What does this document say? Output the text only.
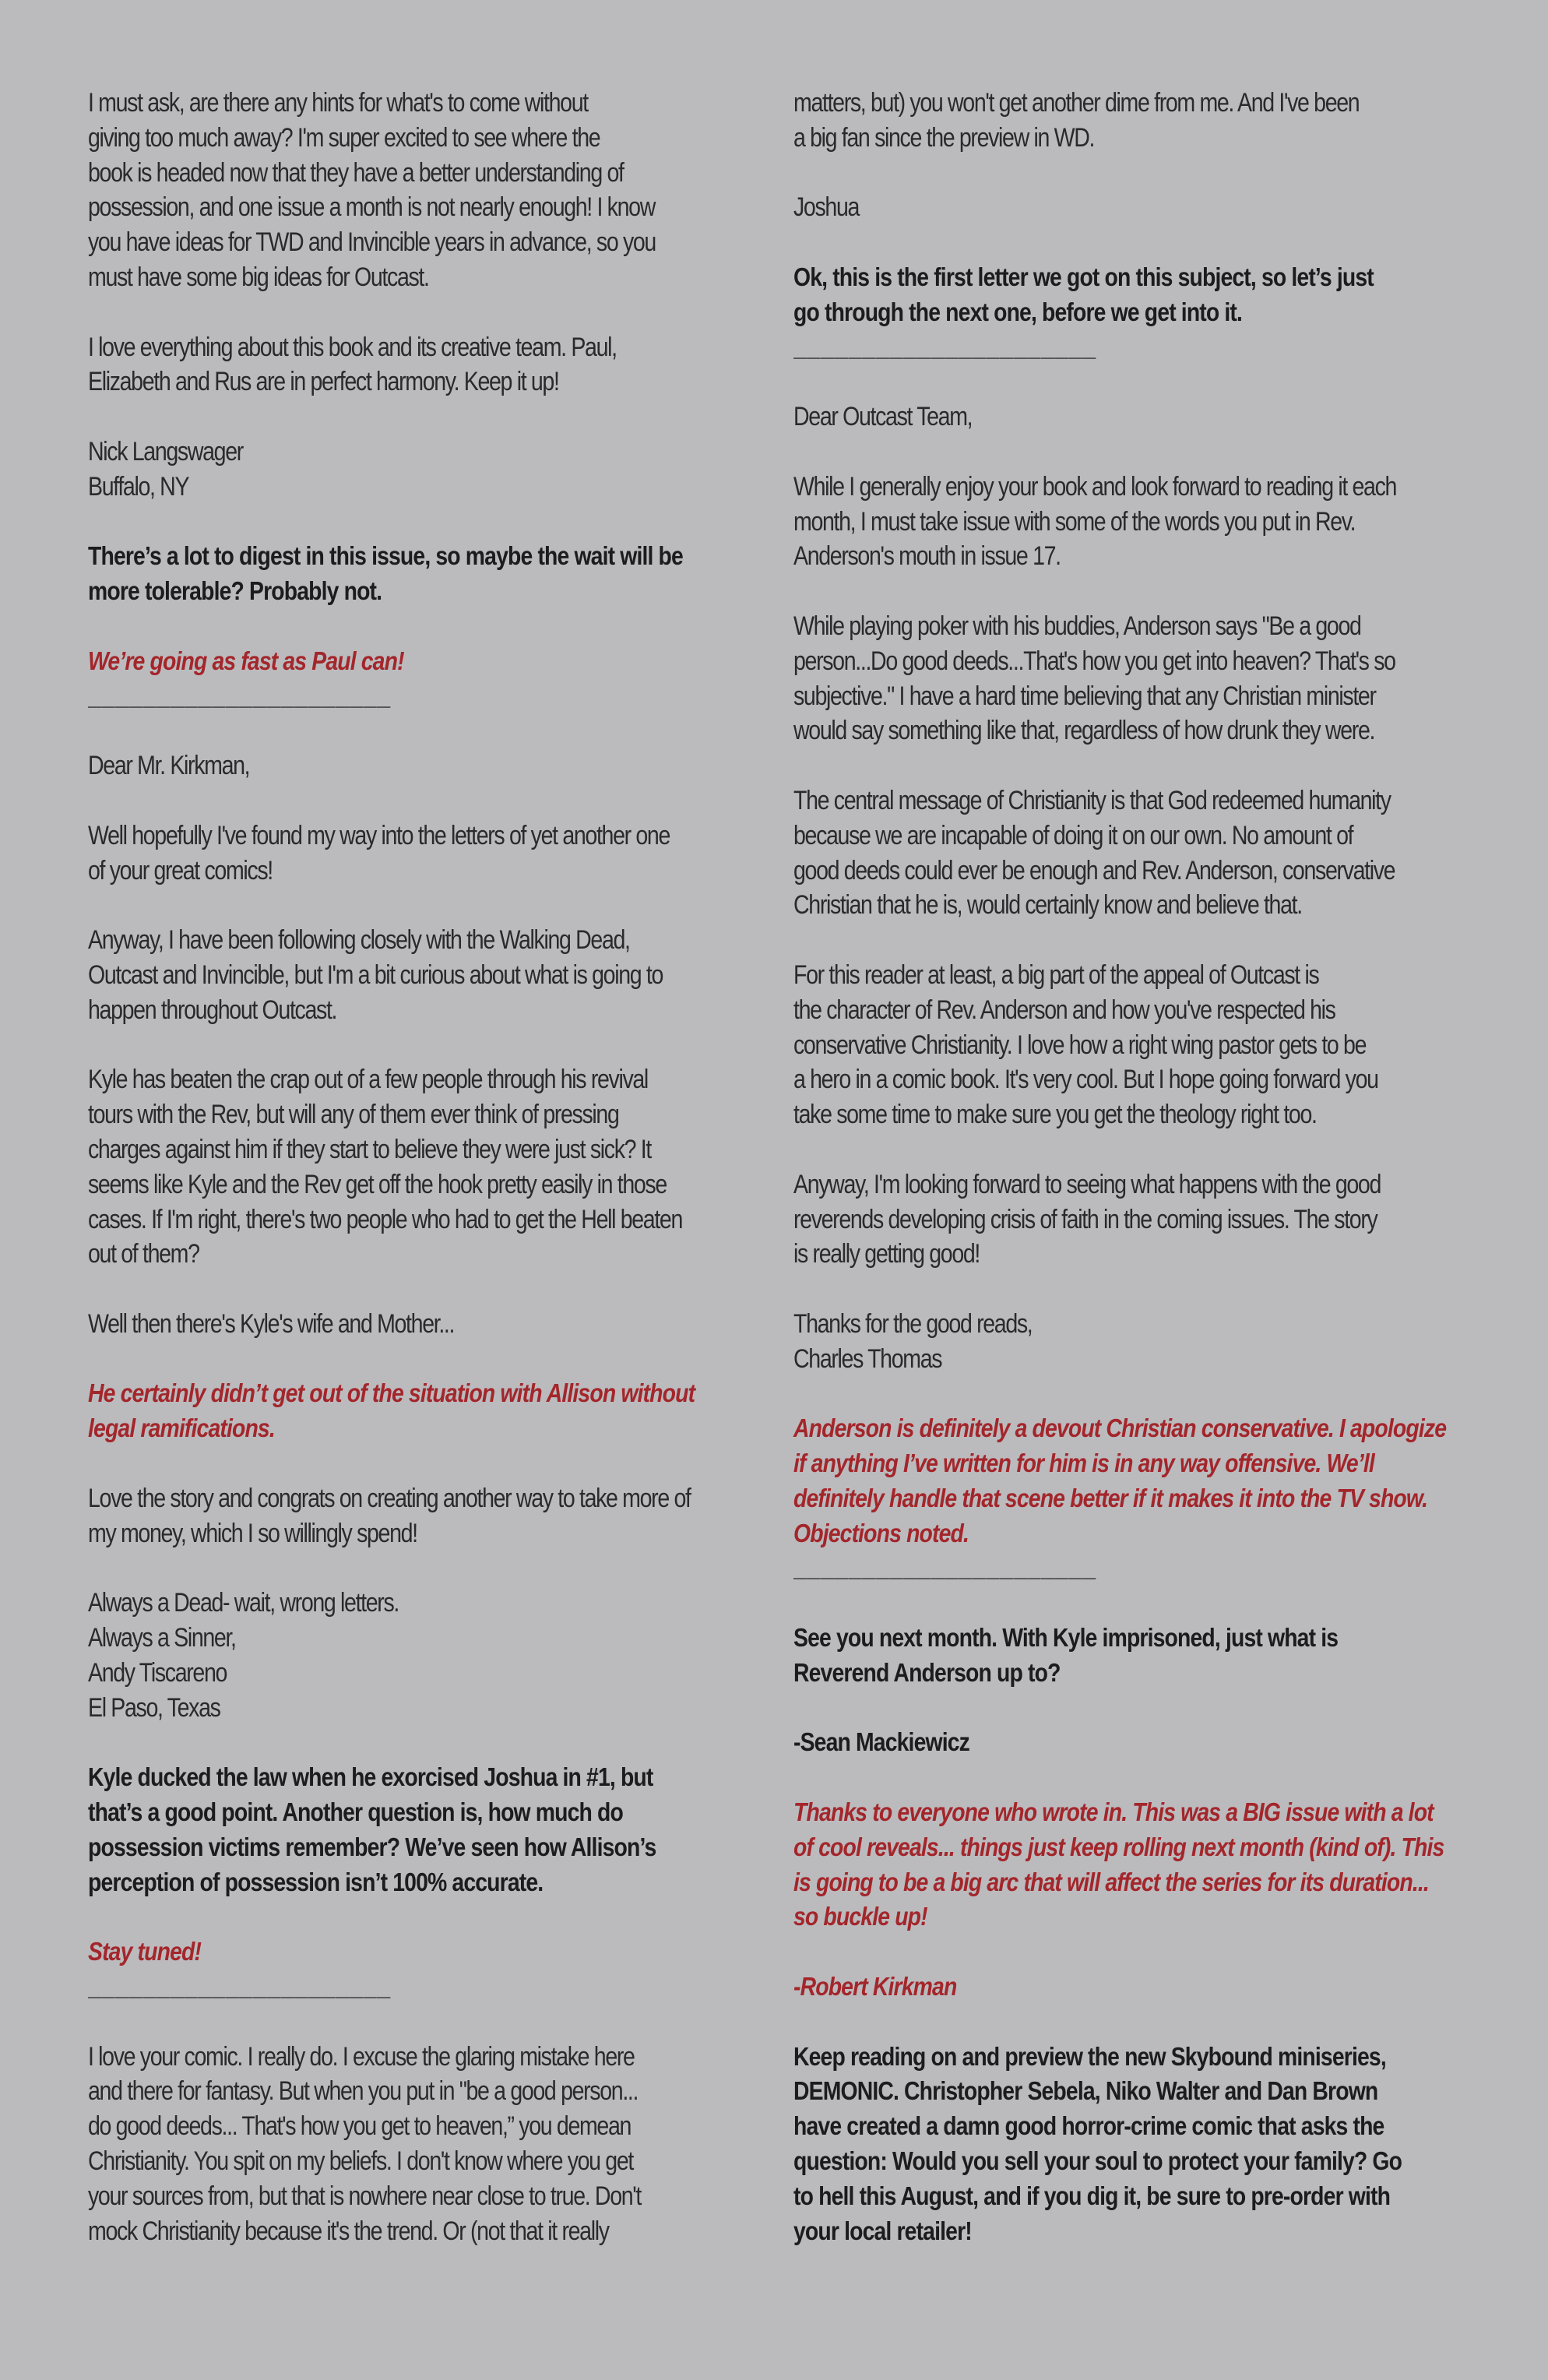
I must ask, are there any hints for what's to come without
giving too much away? I'm super excited to see where the
book is headed now that they have a better understanding of
possession, and one issue a month is not nearly enough! I know
you have ideas for TWD and Invincible years in advance, so you
must have some big ideas for Outcast.
I love everything about this book and its creative team. Paul,
Elizabeth and Rus are in perfect harmony. Keep it up!
Nick Langswager
Buffalo, NY
There’s a lot to digest in this issue, so maybe the wait will be
more tolerable? Probably not.
We’re going as fast as Paul can!
______________________
Dear Mr. Kirkman,
Well hopefully I've found my way into the letters of yet another one
of your great comics!
Anyway, I have been following closely with the Walking Dead,
Outcast and Invincible, but I'm a bit curious about what is going to
happen throughout Outcast.
Kyle has beaten the crap out of a few people through his revival
tours with the Rev, but will any of them ever think of pressing
charges against him if they start to believe they were just sick? It
seems like Kyle and the Rev get off the hook pretty easily in those
cases. If I'm right, there's two people who had to get the Hell beaten
out of them?
Well then there's Kyle's wife and Mother...
He certainly didn’t get out of the situation with Allison without
legal ramifications.
Love the story and congrats on creating another way to take more of
my money, which I so willingly spend!
Always a Dead- wait, wrong letters.
Always a Sinner,
Andy Tiscareno
El Paso, Texas
Kyle ducked the law when he exorcised Joshua in #1, but
that’s a good point. Another question is, how much do
possession victims remember? We’ve seen how Allison’s
perception of possession isn’t 100% accurate.
Stay tuned!
______________________
I love your comic. I really do. I excuse the glaring mistake here
and there for fantasy. But when you put in "be a good person...
do good deeds... That's how you get to heaven,” you demean
Christianity. You spit on my beliefs. I don't know where you get
your sources from, but that is nowhere near close to true. Don't
mock Christianity because it's the trend. Or (not that it really
matters, but) you won't get another dime from me. And I've been
a big fan since the preview in WD.
Joshua
Ok, this is the first letter we got on this subject, so let’s just
go through the next one, before we get into it.
______________________
Dear Outcast Team,
While I generally enjoy your book and look forward to reading it each
month, I must take issue with some of the words you put in Rev.
Anderson's mouth in issue 17.
While playing poker with his buddies, Anderson says "Be a good
person...Do good deeds...That's how you get into heaven? That's so
subjective." I have a hard time believing that any Christian minister
would say something like that, regardless of how drunk they were.
The central message of Christianity is that God redeemed humanity
because we are incapable of doing it on our own. No amount of
good deeds could ever be enough and Rev. Anderson, conservative
Christian that he is, would certainly know and believe that.
For this reader at least, a big part of the appeal of Outcast is
the character of Rev. Anderson and how you've respected his
conservative Christianity. I love how a right wing pastor gets to be
a hero in a comic book. It's very cool. But I hope going forward you
take some time to make sure you get the theology right too.
Anyway, I'm looking forward to seeing what happens with the good
reverends developing crisis of faith in the coming issues. The story
is really getting good!
Thanks for the good reads,
Charles Thomas
Anderson is definitely a devout Christian conservative. I apologize
if anything I’ve written for him is in any way offensive. We’ll
definitely handle that scene better if it makes it into the TV show.
Objections noted.
______________________
See you next month. With Kyle imprisoned, just what is
Reverend Anderson up to?
-Sean Mackiewicz
Thanks to everyone who wrote in. This was a BIG issue with a lot
of cool reveals... things just keep rolling next month (kind of). This
is going to be a big arc that will affect the series for its duration...
so buckle up!
-Robert Kirkman
Keep reading on and preview the new Skybound miniseries,
DEMONIC. Christopher Sebela, Niko Walter and Dan Brown
have created a damn good horror-crime comic that asks the
question: Would you sell your soul to protect your family? Go
to hell this August, and if you dig it, be sure to pre-order with
your local retailer!
